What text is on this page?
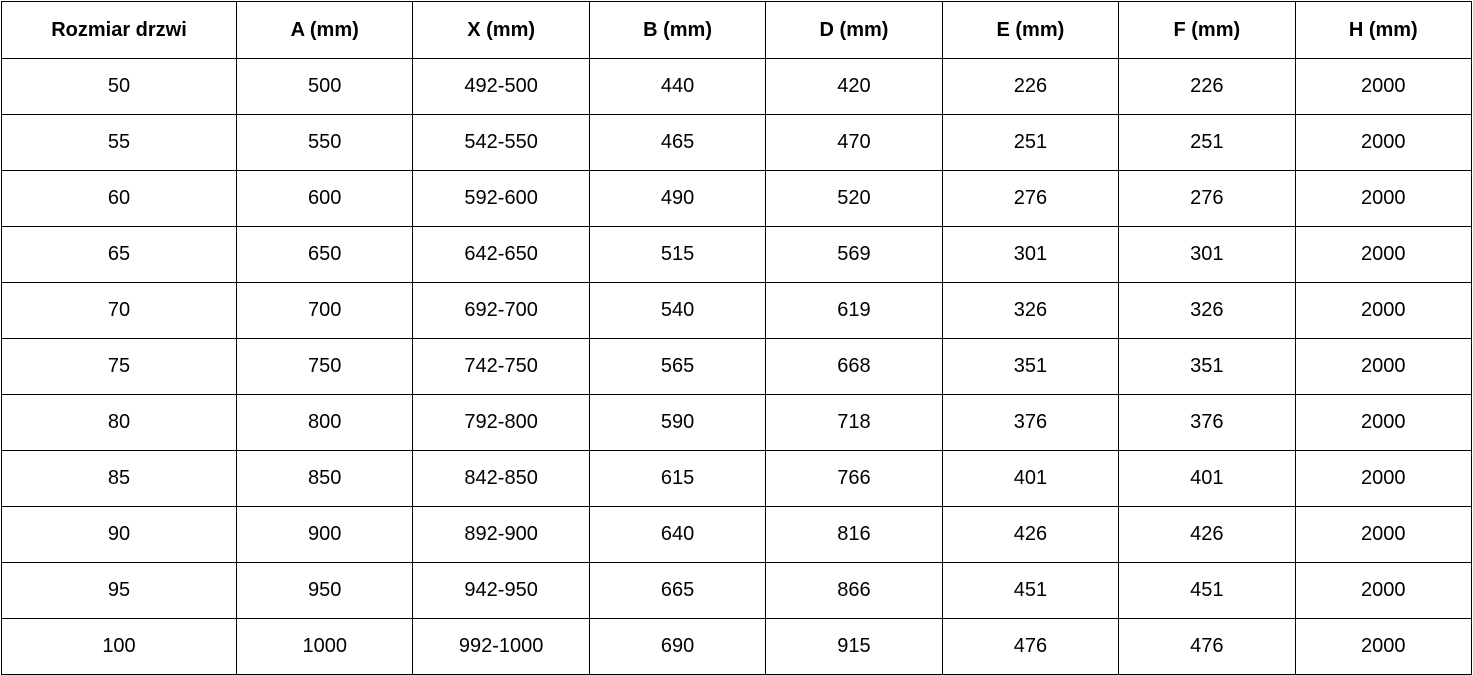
Rozmiar drzwi	A (mm)	X (mm)	B (mm)	D (mm)	E (mm)	F (mm)	H (mm)
50	500	492-500	440	420	226	226	2000
55	550	542-550	465	470	251	251	2000
60	600	592-600	490	520	276	276	2000
65	650	642-650	515	569	301	301	2000
70	700	692-700	540	619	326	326	2000
75	750	742-750	565	668	351	351	2000
80	800	792-800	590	718	376	376	2000
85	850	842-850	615	766	401	401	2000
90	900	892-900	640	816	426	426	2000
95	950	942-950	665	866	451	451	2000
100	1000	992-1000	690	915	476	476	2000
